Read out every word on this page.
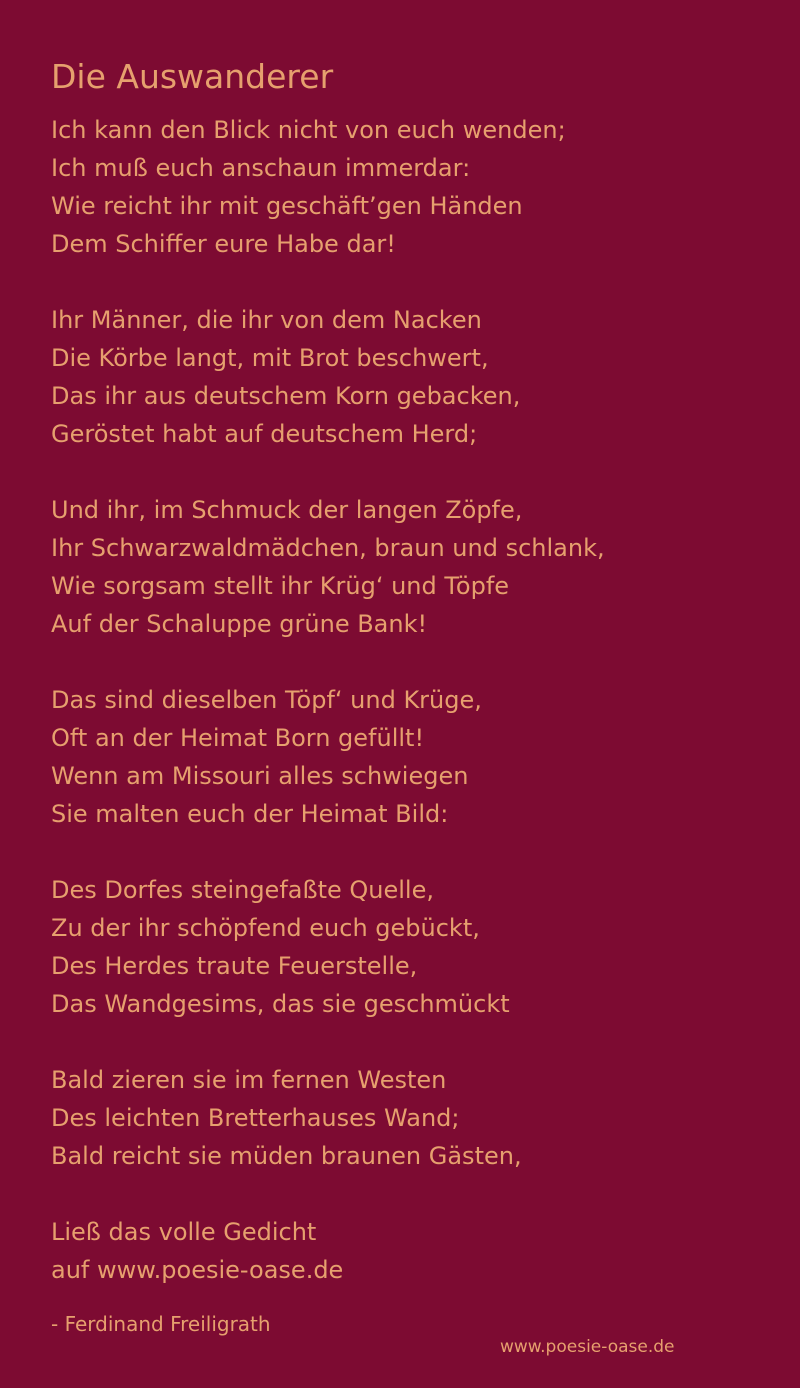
Die Auswanderer
Ich kann den Blick nicht von euch wenden;
Ich muß euch anschaun immerdar:
Wie reicht ihr mit geschäft’gen Händen
Dem Schiffer eure Habe dar!
Ihr Männer, die ihr von dem Nacken
Die Körbe langt, mit Brot beschwert,
Das ihr aus deutschem Korn gebacken,
Geröstet habt auf deutschem Herd;
Und ihr, im Schmuck der langen Zöpfe,
Ihr Schwarzwaldmädchen, braun und schlank,
Wie sorgsam stellt ihr Krüg‘ und Töpfe
Auf der Schaluppe grüne Bank!
Das sind dieselben Töpf‘ und Krüge,
Oft an der Heimat Born gefüllt!
Wenn am Missouri alles schwiegen
Sie malten euch der Heimat Bild:
Des Dorfes steingefaßte Quelle,
Zu der ihr schöpfend euch gebückt,
Des Herdes traute Feuerstelle,
Das Wandgesims, das sie geschmückt
Bald zieren sie im fernen Westen
Des leichten Bretterhauses Wand;
Bald reicht sie müden braunen Gästen,
Ließ das volle Gedicht
auf www.poesie-oase.de
- Ferdinand Freiligrath
www.poesie-oase.de
